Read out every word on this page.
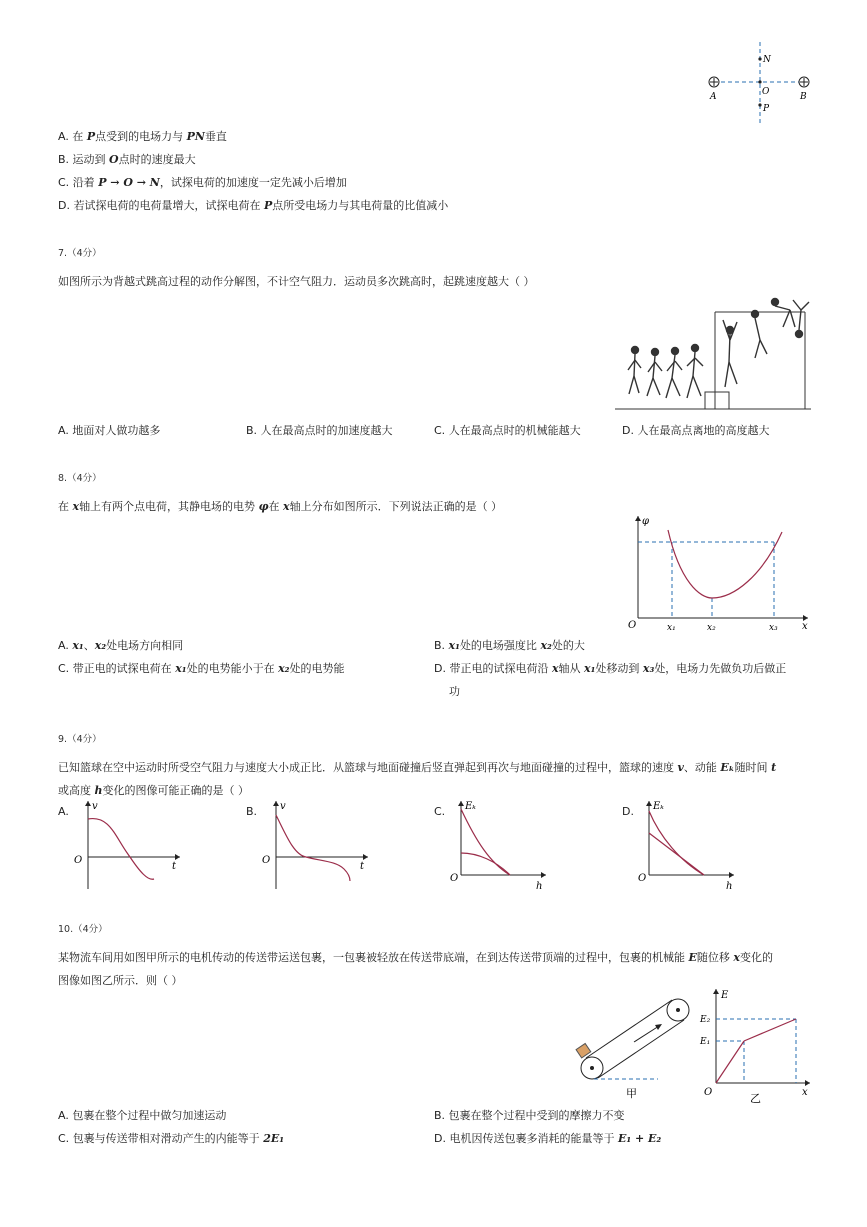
N
O
P
A	B
A. 在 P点受到的电场力与 PN垂直
B. 运动到 O点时的速度最大
C. 沿着 P → O → N，试探电荷的加速度一定先减小后增加
D. 若试探电荷的电荷量增大，试探电荷在 P点所受电场力与其电荷量的比值减小
7.（4分）
如图所示为背越式跳高过程的动作分解图，不计空气阻力．运动员多次跳高时，起跳速度越大（ ）
A. 地面对人做功越多	B. 人在最高点时的加速度越大	C. 人在最高点时的机械能越大	D. 人在最高点离地的高度越大
8.（4分）
在 x轴上有两个点电荷，其静电场的电势 φ在 x轴上分布如图所示．下列说法正确的是（ ）
φ
x
O	x₁	x₂	x₃
A. x₁、x₂处电场方向相同	B. x₁处的电场强度比 x₂处的大
C. 带正电的试探电荷在 x₁处的电势能小于在 x₂处的电势能	D. 带正电的试探电荷沿 x轴从 x₁处移动到 x₃处，电场力先做负功后做正
功
9.（4分）
已知篮球在空中运动时所受空气阻力与速度大小成正比．从篮球与地面碰撞后竖直弹起到再次与地面碰撞的过程中，篮球的速度 v、动能 Eₖ随时间 t
或高度 h变化的图像可能正确的是（ ）
A. v
t
O
B. v
t
O
C. Eₖ
h
O
D. Eₖ
h
O
10.（4分）
某物流车间用如图甲所示的电机传动的传送带运送包裹，一包裹被轻放在传送带底端，在到达传送带顶端的过程中，包裹的机械能 E随位移 x变化的
图像如图乙所示．则（ ）
甲
E
x
O
E₂
E₁
乙
A. 包裹在整个过程中做匀加速运动	B. 包裹在整个过程中受到的摩擦力不变
C. 包裹与传送带相对滑动产生的内能等于 2E₁	D. 电机因传送包裹多消耗的能量等于 E₁ + E₂
